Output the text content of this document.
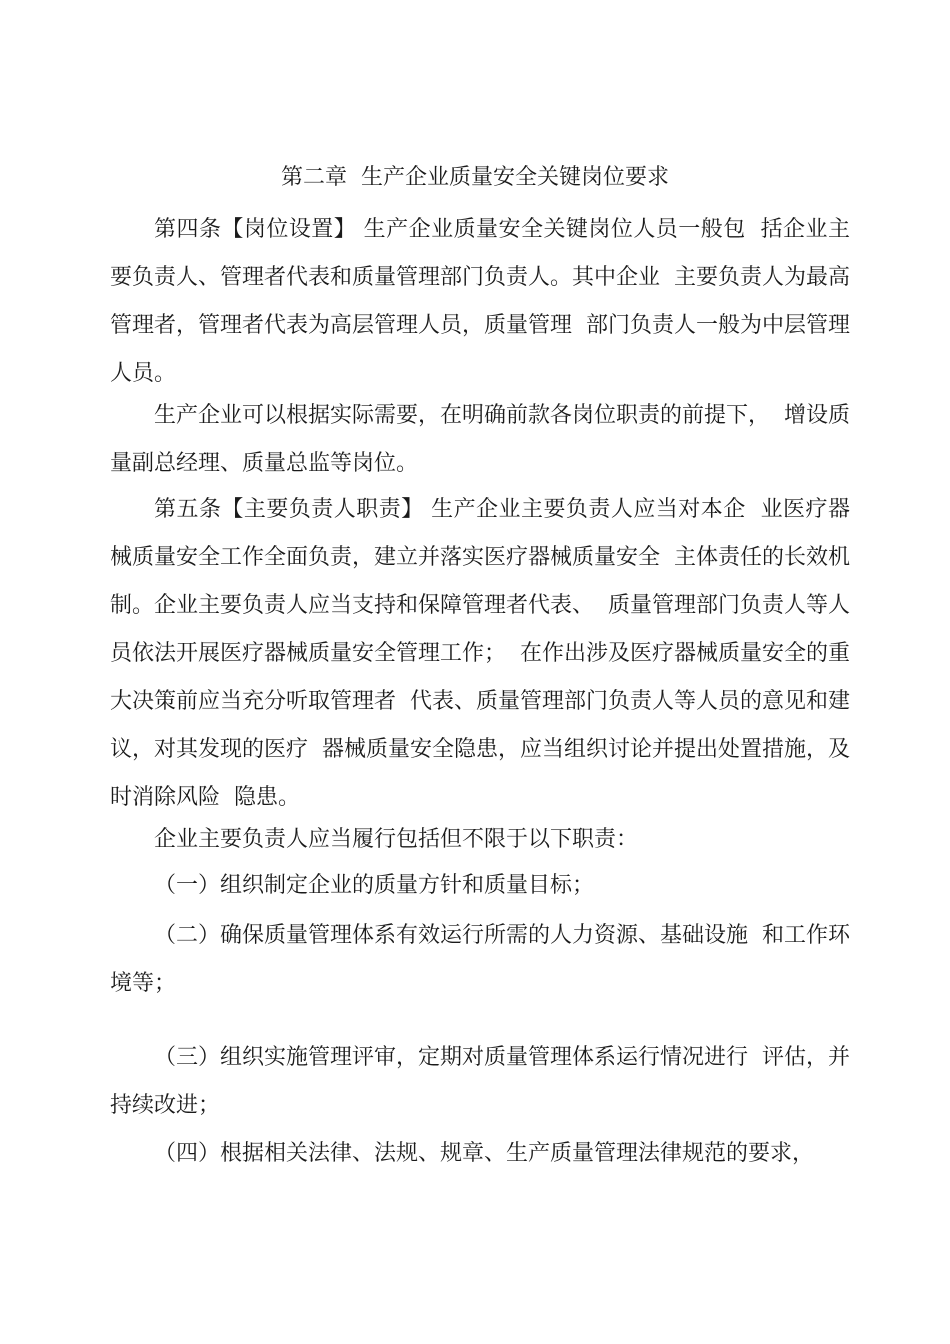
第二章  生产企业质量安全关键岗位要求

第四条【岗位设置】 生产企业质量安全关键岗位人员一般包  括企业主要负责人、管理者代表和质量管理部门负责人。其中企业  主要负责人为最高管理者，管理者代表为高层管理人员，质量管理  部门负责人一般为中层管理人员。

生产企业可以根据实际需要，在明确前款各岗位职责的前提下，  增设质量副总经理、质量总监等岗位。

第五条【主要负责人职责】 生产企业主要负责人应当对本企  业医疗器械质量安全工作全面负责，建立并落实医疗器械质量安全  主体责任的长效机制。企业主要负责人应当支持和保障管理者代表、  质量管理部门负责人等人员依法开展医疗器械质量安全管理工作；  在作出涉及医疗器械质量安全的重大决策前应当充分听取管理者  代表、质量管理部门负责人等人员的意见和建议，对其发现的医疗  器械质量安全隐患，应当组织讨论并提出处置措施，及时消除风险  隐患。

企业主要负责人应当履行包括但不限于以下职责：

（一）组织制定企业的质量方针和质量目标；

（二）确保质量管理体系有效运行所需的人力资源、基础设施  和工作环境等；

（三）组织实施管理评审，定期对质量管理体系运行情况进行  评估，并持续改进；

（四）根据相关法律、法规、规章、生产质量管理法律规范的要求，
